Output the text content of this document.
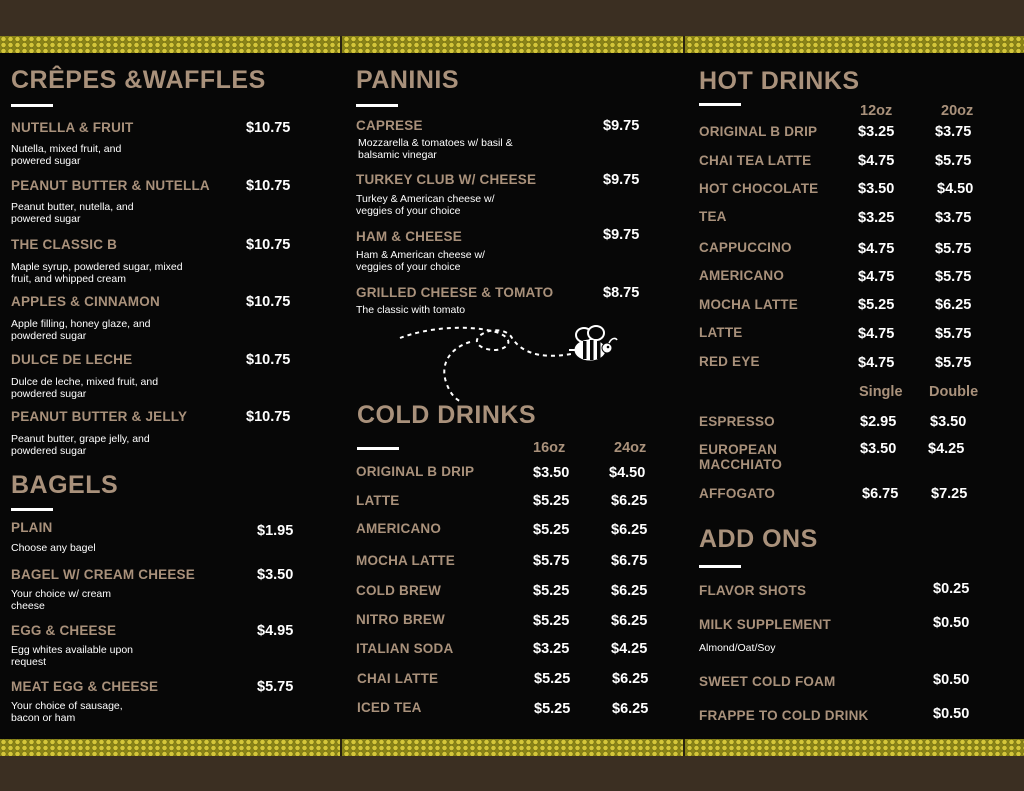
CRÊPES &WAFFLES
NUTELLA & FRUIT	$10.75
Nutella, mixed fruit, and powered sugar
PEANUT BUTTER & NUTELLA $10.75
Peanut butter, nutella, and powered sugar
THE CLASSIC B	$10.75
Maple syrup, powdered sugar, mixed fruit, and whipped cream
APPLES & CINNAMON	$10.75
Apple filling, honey glaze, and powdered sugar
DULCE DE LECHE	$10.75
Dulce de leche, mixed fruit, and powdered sugar
PEANUT BUTTER & JELLY	$10.75
Peanut butter, grape jelly, and powdered sugar
BAGELS
PLAIN	$1.95
Choose any bagel
BAGEL W/ CREAM CHEESE	$3.50
Your choice w/ cream cheese
EGG & CHEESE	$4.95
Egg whites available upon request
MEAT EGG & CHEESE	$5.75
Your choice of sausage, bacon or ham
PANINIS
CAPRESE	$9.75
Mozzarella & tomatoes w/ basil & balsamic vinegar
TURKEY CLUB W/ CHEESE	$9.75
Turkey & American cheese w/ veggies of your choice
HAM & CHEESE	$9.75
Ham & American cheese w/ veggies of your choice
GRILLED CHEESE & TOMATO	$8.75
The classic with tomato
COLD DRINKS
16oz	24oz
ORIGINAL B DRIP	$3.50	$4.50
LATTE	$5.25	$6.25
AMERICANO	$5.25	$6.25
MOCHA LATTE	$5.75	$6.75
COLD BREW	$5.25	$6.25
NITRO BREW	$5.25	$6.25
ITALIAN SODA	$3.25	$4.25
CHAI LATTE	$5.25	$6.25
ICED TEA	$5.25	$6.25
HOT DRINKS
12oz	20oz
ORIGINAL B DRIP	$3.25	$3.75
CHAI TEA LATTE	$4.75	$5.75
HOT CHOCOLATE	$3.50	$4.50
TEA	$3.25	$3.75
CAPPUCCINO	$4.75	$5.75
AMERICANO	$4.75	$5.75
MOCHA LATTE	$5.25	$6.25
LATTE	$4.75	$5.75
RED EYE	$4.75	$5.75
Single Double
ESPRESSO	$2.95 $3.50
EUROPEAN MACCHIATO
$3.50 $4.25
AFFOGATO	$6.75 $7.25
ADD ONS
FLAVOR SHOTS	$0.25
MILK SUPPLEMENT	$0.50
Almond/Oat/Soy
SWEET COLD FOAM	$0.50
FRAPPE TO COLD DRINK	$0.50
